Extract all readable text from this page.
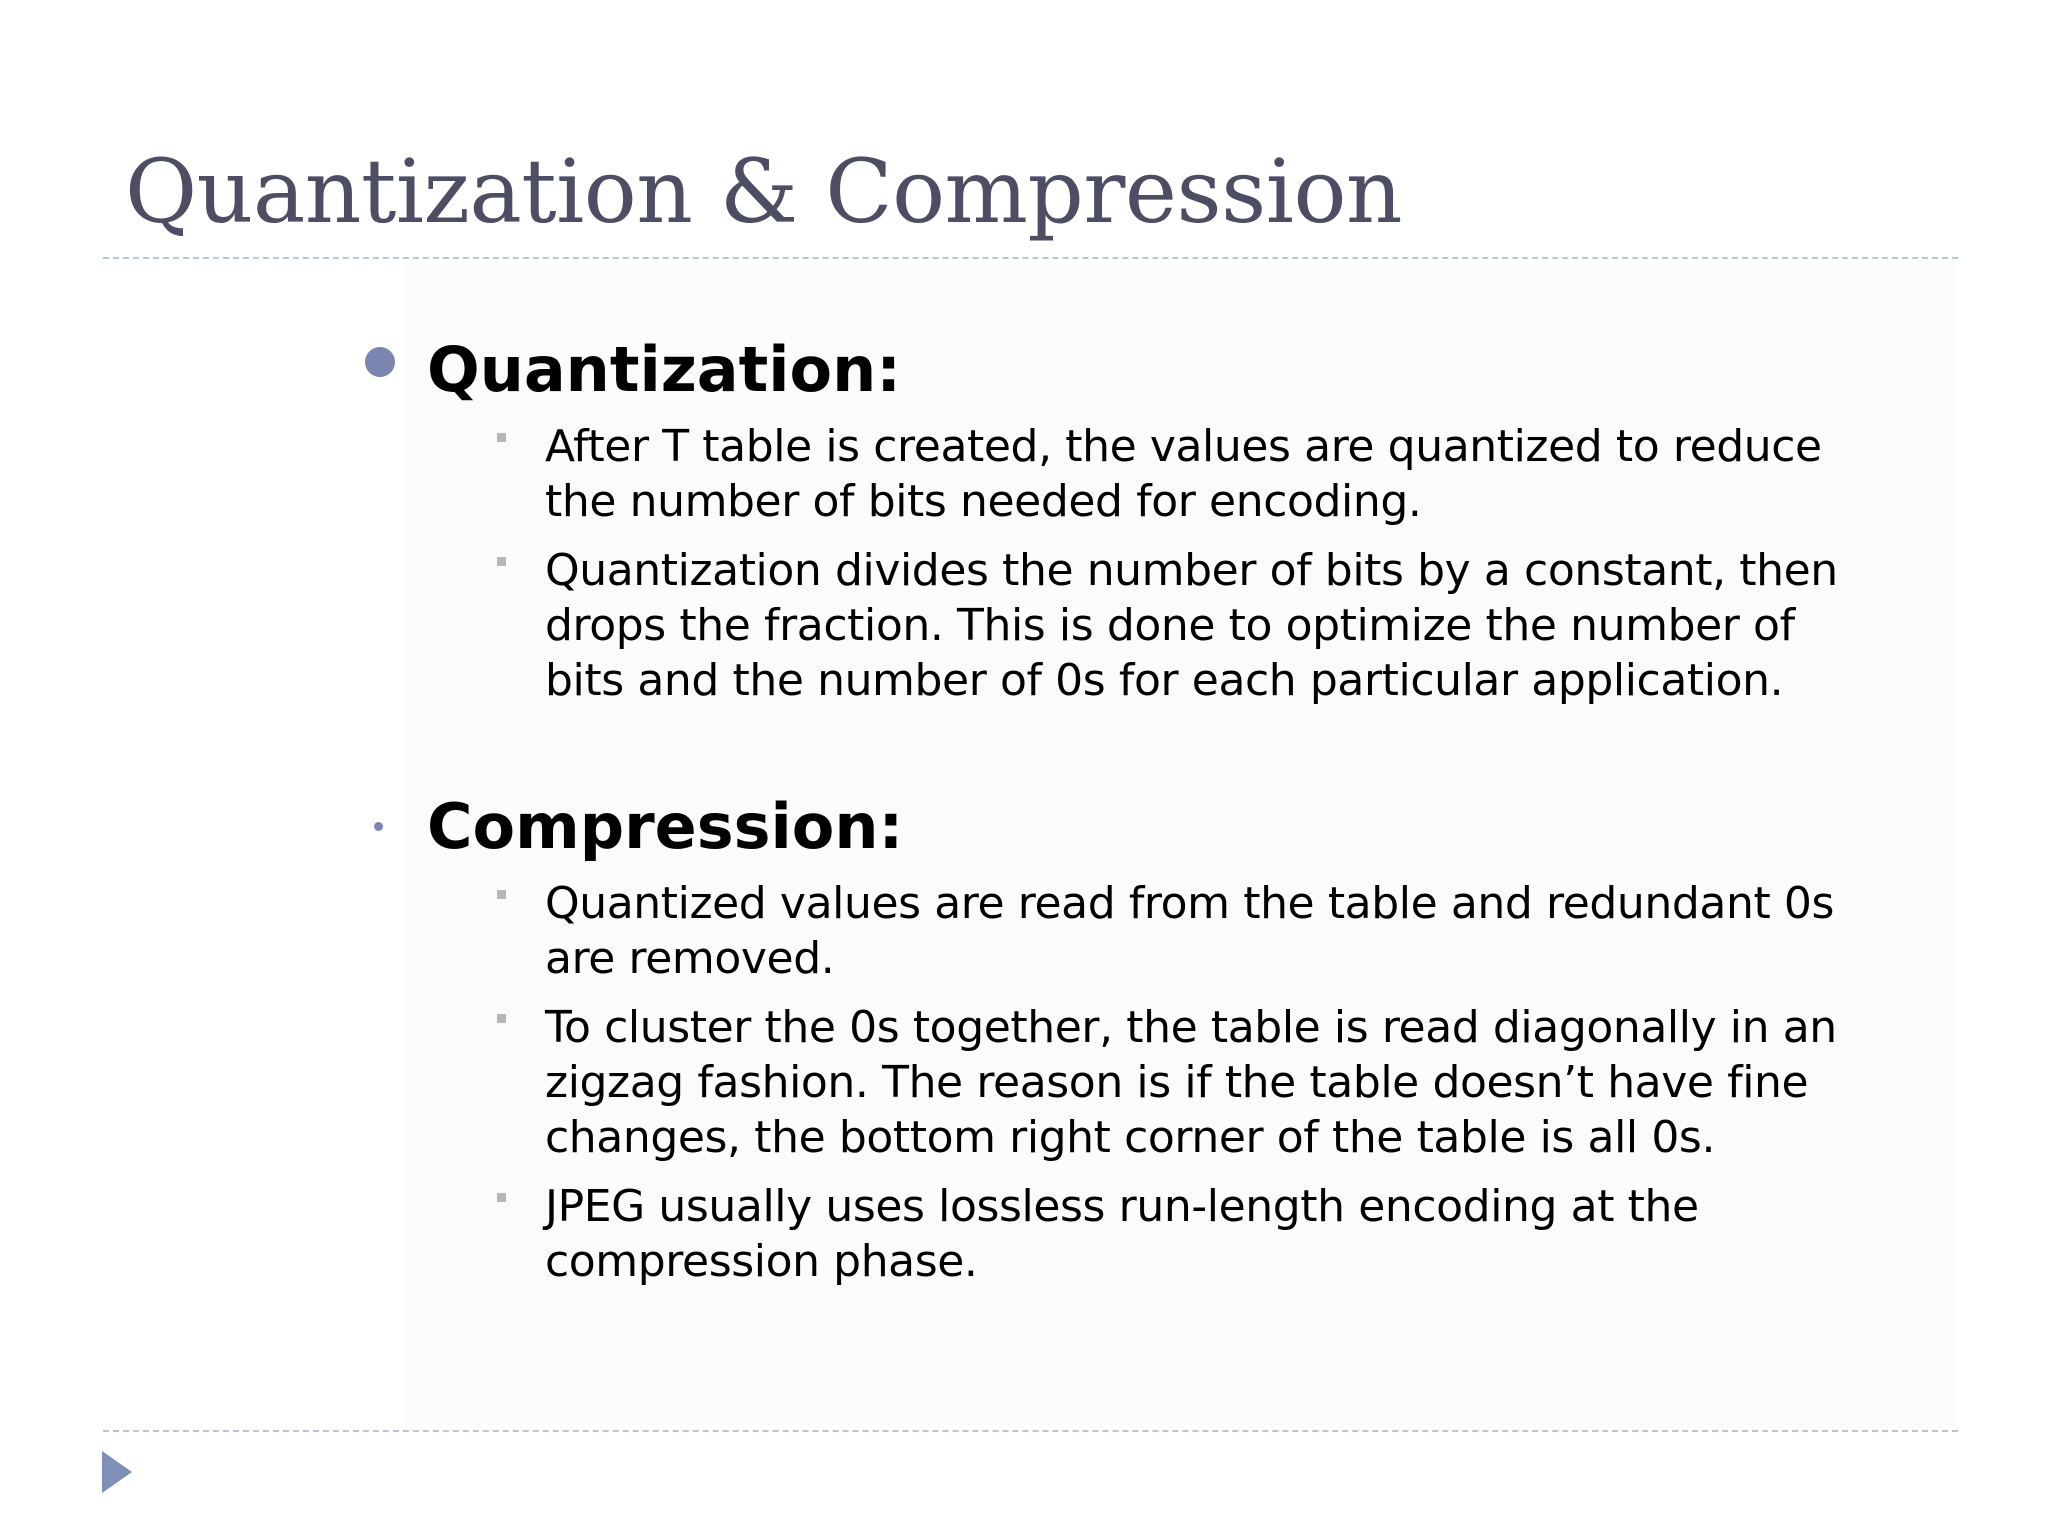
Quantization & Compression
Quantization:
After T table is created, the values are quantized to reduce
the number of bits needed for encoding.
Quantization divides the number of bits by a constant, then
drops the fraction. This is done to optimize the number of
bits and the number of 0s for each particular application.
Compression:
Quantized values are read from the table and redundant 0s
are removed.
To cluster the 0s together, the table is read diagonally in an
zigzag fashion. The reason is if the table doesn’t have fine
changes, the bottom right corner of the table is all 0s.
JPEG usually uses lossless run-length encoding at the
compression phase.
